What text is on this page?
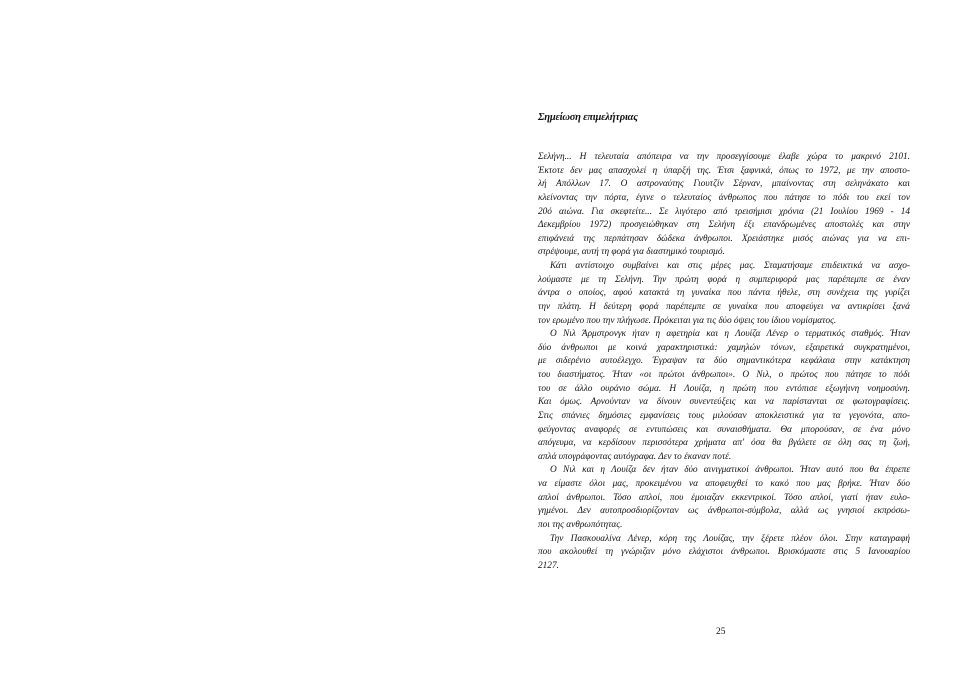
Σημείωση επιμελήτριας
Σελήνη... Η τελευταία απόπειρα να την προσεγγίσουμε έλαβε χώρα το μακρινό 2101.
Έκτοτε δεν μας απασχολεί η ύπαρξή της. Έτσι ξαφνικά, όπως το 1972, με την αποστο-
λή Απόλλων 17. Ο αστροναύτης Γιουτζίν Σέρναν, μπαίνοντας στη σεληνάκατο και
κλείνοντας την πόρτα, έγινε ο τελευταίος άνθρωπος που πάτησε το πόδι του εκεί τον
20ό αιώνα. Για σκεφτείτε... Σε λιγότερο από τρεισήμισι χρόνια (21 Ιουλίου 1969 - 14
Δεκεμβρίου 1972) προσγειώθηκαν στη Σελήνη έξι επανδρωμένες αποστολές και στην
επιφάνειά της περπάτησαν δώδεκα άνθρωποι. Χρειάστηκε μισός αιώνας για να επι-
στρέψουμε, αυτή τη φορά για διαστημικό τουρισμό.
Κάτι αντίστοιχο συμβαίνει και στις μέρες μας. Σταματήσαμε επιδεικτικά να ασχο-
λούμαστε με τη Σελήνη. Την πρώτη φορά η συμπεριφορά μας παρέπεμπε σε έναν
άντρα ο οποίος, αφού κατακτά τη γυναίκα που πάντα ήθελε, στη συνέχεια της γυρίζει
την πλάτη. Η δεύτερη φορά παρέπεμπε σε γυναίκα που αποφεύγει να αντικρίσει ξανά
τον ερωμένο που την πλήγωσε. Πρόκειται για τις δύο όψεις του ίδιου νομίσματος.
Ο Νιλ Άρμστρονγκ ήταν η αφετηρία και η Λουίζα Λένερ ο τερματικός σταθμός. Ήταν
δύο άνθρωποι με κοινά χαρακτηριστικά: χαμηλών τόνων, εξαιρετικά συγκρατημένοι,
με σιδερένιο αυτοέλεγχο. Έγραψαν τα δύο σημαντικότερα κεφάλαια στην κατάκτηση
του διαστήματος. Ήταν «οι πρώτοι άνθρωποι». Ο Νιλ, ο πρώτος που πάτησε το πόδι
του σε άλλο ουράνιο σώμα. Η Λουίζα, η πρώτη που εντόπισε εξωγήινη νοημοσύνη.
Και όμως. Αρνούνταν να δίνουν συνεντεύξεις και να παρίστανται σε φωτογραφίσεις.
Στις σπάνιες δημόσιες εμφανίσεις τους μιλούσαν αποκλειστικά για τα γεγονότα, απο-
φεύγοντας αναφορές σε εντυπώσεις και συναισθήματα. Θα μπορούσαν, σε ένα μόνο
απόγευμα, να κερδίσουν περισσότερα χρήματα απ' όσα θα βγάλετε σε όλη σας τη ζωή,
απλά υπογράφοντας αυτόγραφα. Δεν το έκαναν ποτέ.
Ο Νιλ και η Λουίζα δεν ήταν δύο αινιγματικοί άνθρωποι. Ήταν αυτό που θα έπρεπε
να είμαστε όλοι μας, προκειμένου να αποφευχθεί το κακό που μας βρήκε. Ήταν δύο
απλοί άνθρωποι. Τόσο απλοί, που έμοιαζαν εκκεντρικοί. Τόσο απλοί, γιατί ήταν ευλο-
γημένοι. Δεν αυτοπροσδιορίζονταν ως άνθρωποι-σύμβολα, αλλά ως γνησιοί εκπρόσω-
ποι της ανθρωπότητας.
Την Πασκουαλίνα Λένερ, κόρη της Λουίζας, την ξέρετε πλέον όλοι. Στην καταγραφή
που ακολουθεί τη γνώριζαν μόνο ελάχιστοι άνθρωποι. Βρισκόμαστε στις 5 Ιανουαρίου
2127.
25
